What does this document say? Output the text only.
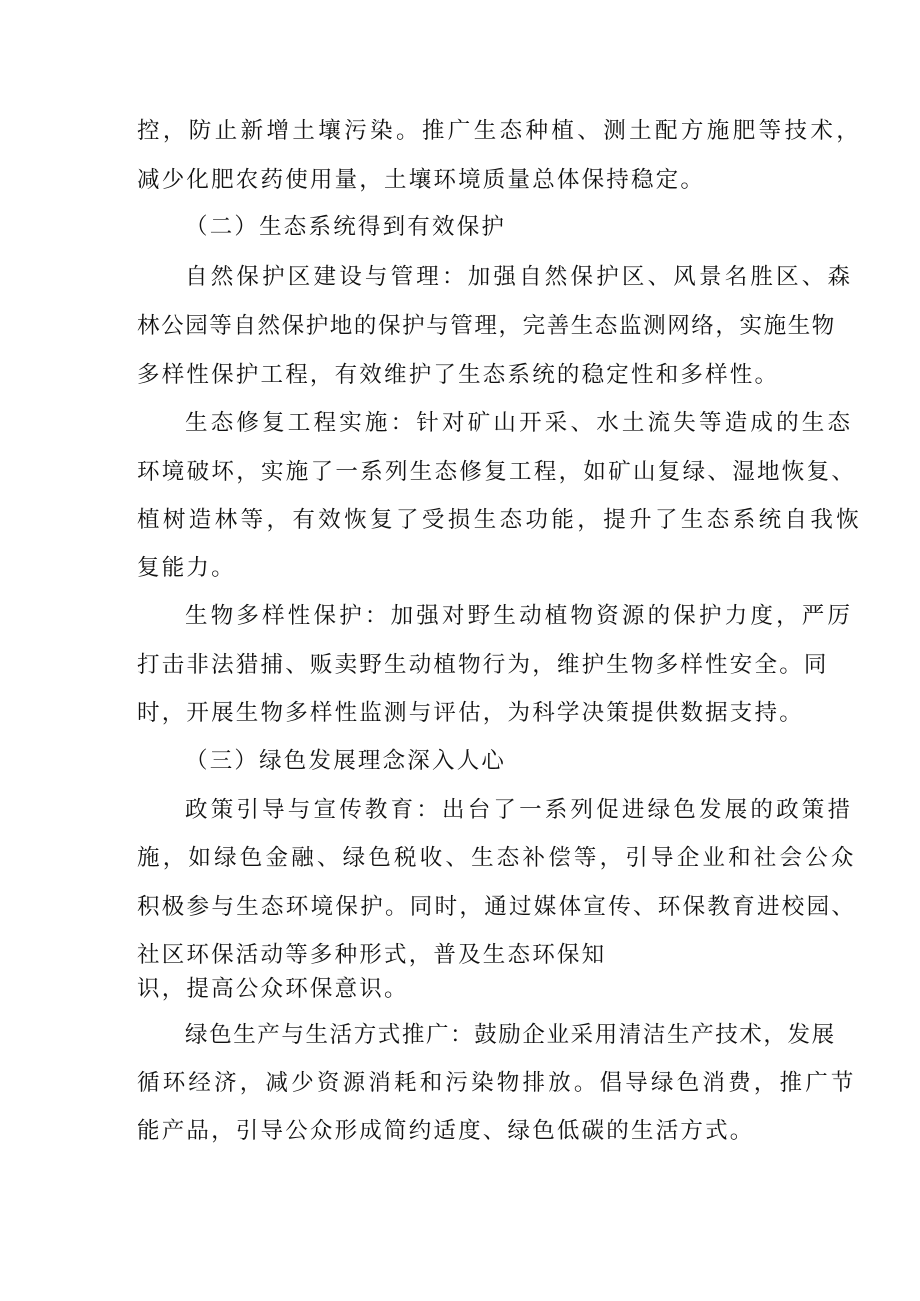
控，防止新增土壤污染。推广生态种植、测土配方施肥等技术，
减少化肥农药使用量，土壤环境质量总体保持稳定。
（二）生态系统得到有效保护
自然保护区建设与管理：加强自然保护区、风景名胜区、森
林公园等自然保护地的保护与管理，完善生态监测网络，实施生物
多样性保护工程，有效维护了生态系统的稳定性和多样性。
生态修复工程实施：针对矿山开采、水土流失等造成的生态
环境破坏，实施了一系列生态修复工程，如矿山复绿、湿地恢复、
植树造林等，有效恢复了受损生态功能，提升了生态系统自我恢
复能力。
生物多样性保护：加强对野生动植物资源的保护力度，严厉
打击非法猎捕、贩卖野生动植物行为，维护生物多样性安全。同
时，开展生物多样性监测与评估，为科学决策提供数据支持。
（三）绿色发展理念深入人心
政策引导与宣传教育：出台了一系列促进绿色发展的政策措
施，如绿色金融、绿色税收、生态补偿等，引导企业和社会公众
积极参与生态环境保护。同时，通过媒体宣传、环保教育进校园、
社区环保活动等多种形式，普及生态环保知
识，提高公众环保意识。
绿色生产与生活方式推广：鼓励企业采用清洁生产技术，发展
循环经济，减少资源消耗和污染物排放。倡导绿色消费，推广节
能产品，引导公众形成简约适度、绿色低碳的生活方式。
